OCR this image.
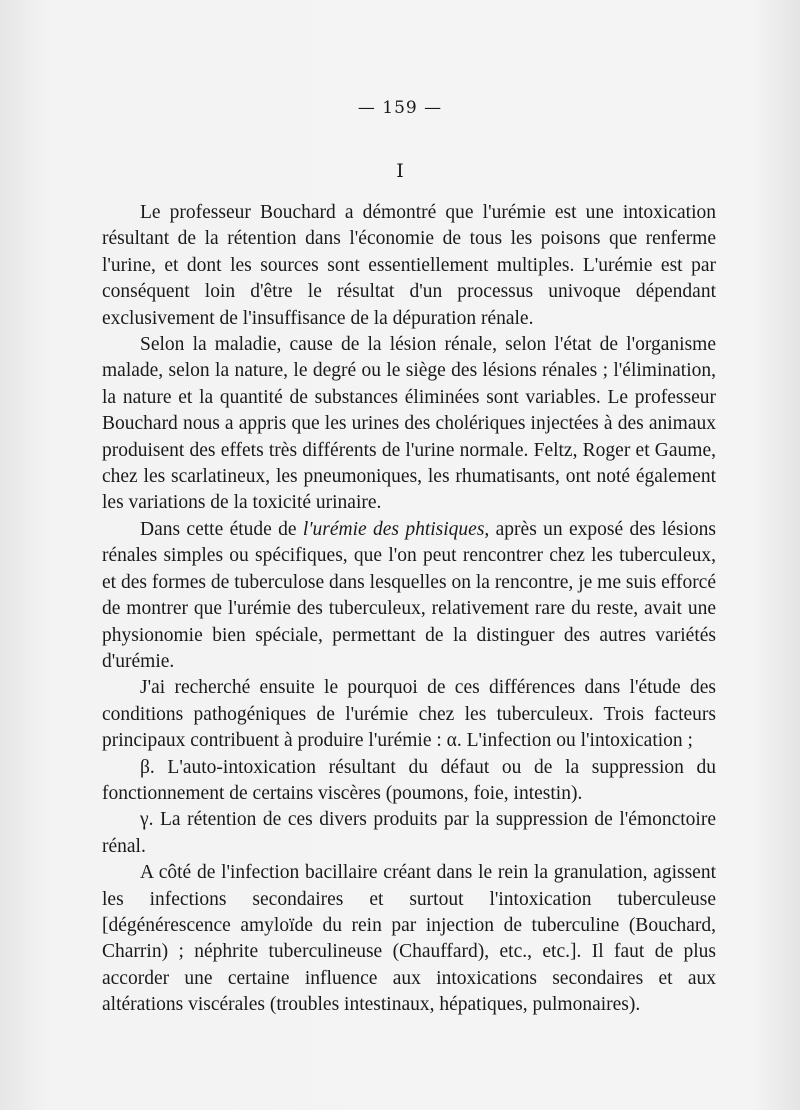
— 159 —
I

Le professeur Bouchard a démontré que l'urémie est une intoxication résultant de la rétention dans l'économie de tous les poisons que renferme l'urine, et dont les sources sont essentiellement multiples. L'urémie est par conséquent loin d'être le résultat d'un processus univoque dépendant exclusivement de l'insuffisance de la dépuration rénale.

Selon la maladie, cause de la lésion rénale, selon l'état de l'organisme malade, selon la nature, le degré ou le siège des lésions rénales ; l'élimination, la nature et la quantité de substances éliminées sont variables. Le professeur Bouchard nous a appris que les urines des cholériques injectées à des animaux produisent des effets très différents de l'urine normale. Feltz, Roger et Gaume, chez les scarlatineux, les pneumoniques, les rhumatisants, ont noté également les variations de la toxicité urinaire.

Dans cette étude de l'urémie des phtisiques, après un exposé des lésions rénales simples ou spécifiques, que l'on peut rencontrer chez les tuberculeux, et des formes de tuberculose dans lesquelles on la rencontre, je me suis efforcé de montrer que l'urémie des tuberculeux, relativement rare du reste, avait une physionomie bien spéciale, permettant de la distinguer des autres variétés d'urémie.

J'ai recherché ensuite le pourquoi de ces différences dans l'étude des conditions pathogéniques de l'urémie chez les tuberculeux. Trois facteurs principaux contribuent à produire l'urémie : α. L'infection ou l'intoxication ;

β. L'auto-intoxication résultant du défaut ou de la suppression du fonctionnement de certains viscères (poumons, foie, intestin).

γ. La rétention de ces divers produits par la suppression de l'émonctoire rénal.

A côté de l'infection bacillaire créant dans le rein la granulation, agissent les infections secondaires et surtout l'intoxication tuberculeuse [dégénérescence amyloïde du rein par injection de tuberculine (Bouchard, Charrin) ; néphrite tuberculineuse (Chauffard), etc., etc.]. Il faut de plus accorder une certaine influence aux intoxications secondaires et aux altérations viscérales (troubles intestinaux, hépatiques, pulmonaires).
